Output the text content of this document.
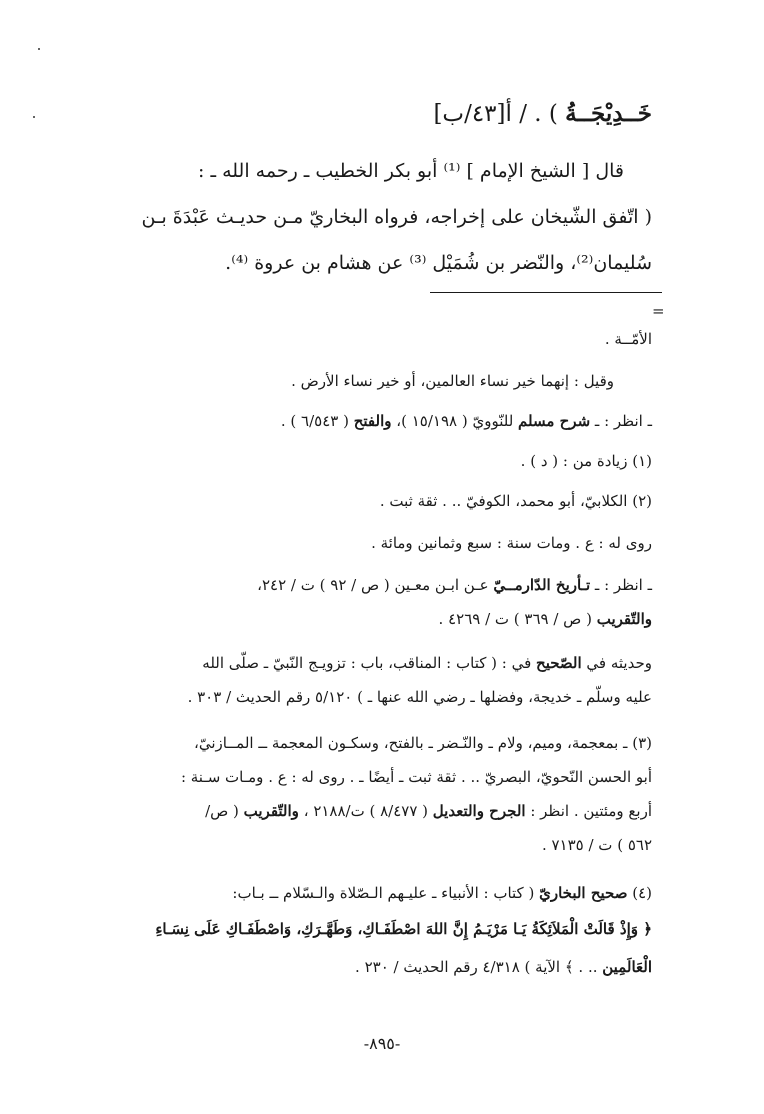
خَــدِيْجَــةُ ) . / أ[٤٣/ب]
قال [ الشيخ الإمام ] ⁽¹⁾ أبو بكر الخطيب ـ رحمه الله ـ :
( اتّفق الشّيخان على إخراجه، فرواه البخاريّ مـن حديـث عَبْدَةَ بـن
سُليمان⁽²⁾، والنّضر بن شُمَيْل ⁽³⁾ عن هشام بن عروة ⁽⁴⁾.
=
الأمّــة .
وقيل : إنهما خير نساء العالمين، أو خير نساء الأرض .
ـ انظر : ـ شرح مسلم للنّوويّ ( ١٥/١٩٨ )، والفتح ( ٦/٥٤٣ ) .
(١) زيادة من : ( د ) .
(٢) الكلابيّ، أبو محمد، الكوفيّ .. . ثقة ثبت .
روى له : ع . ومات سنة : سبع وثمانين ومائة .
ـ انظر : ـ تـأريخ الدّارمــيّ عـن ابـن معـين ( ص / ٩٢ ) ت / ٢٤٢،
والتّقريب ( ص / ٣٦٩ ) ت / ٤٢٦٩ .
وحديثه في الصّحيح في : ( كتاب : المناقب، باب : تزويـج النّبيّ ـ صلّى الله
عليه وسلّم ـ خديجة، وفضلها ـ رضي الله عنها ـ ) ٥/١٢٠ رقم الحديث / ٣٠٣ .
(٣) ـ بمعجمة، وميم، ولام ـ والنّـضر ـ بالفتح، وسكـون المعجمة ــ المــازنيّ،
أبو الحسن النّحويّ، البصريّ .. . ثقة ثبت ـ أيضًا ـ . روى له : ع . ومـات سـنة :
أربع ومئتين . انظر : الجرح والتعديل ( ٨/٤٧٧ ) ت/٢١٨٨ ، والتّقريب ( ص/
٥٦٢ ) ت / ٧١٣٥ .
(٤) صحيح البخاريّ ( كتاب : الأنبياء ـ عليـهم الـصّلاة والـسّلام ــ بـاب:
﴿ وَإِذْ قَالَتْ الْمَلاَئِكَةُ يَـا مَرْيَـمُ إِنَّ اللهَ اصْطَفَـاكِ، وَطَهَّـرَكِ، وَاصْطَفَـاكِ عَلَى نِسَـاءِ
الْعَالَمِين .. . ﴾ الآية ) ٤/٣١٨ رقم الحديث / ٢٣٠ .
-٨٩٥-
